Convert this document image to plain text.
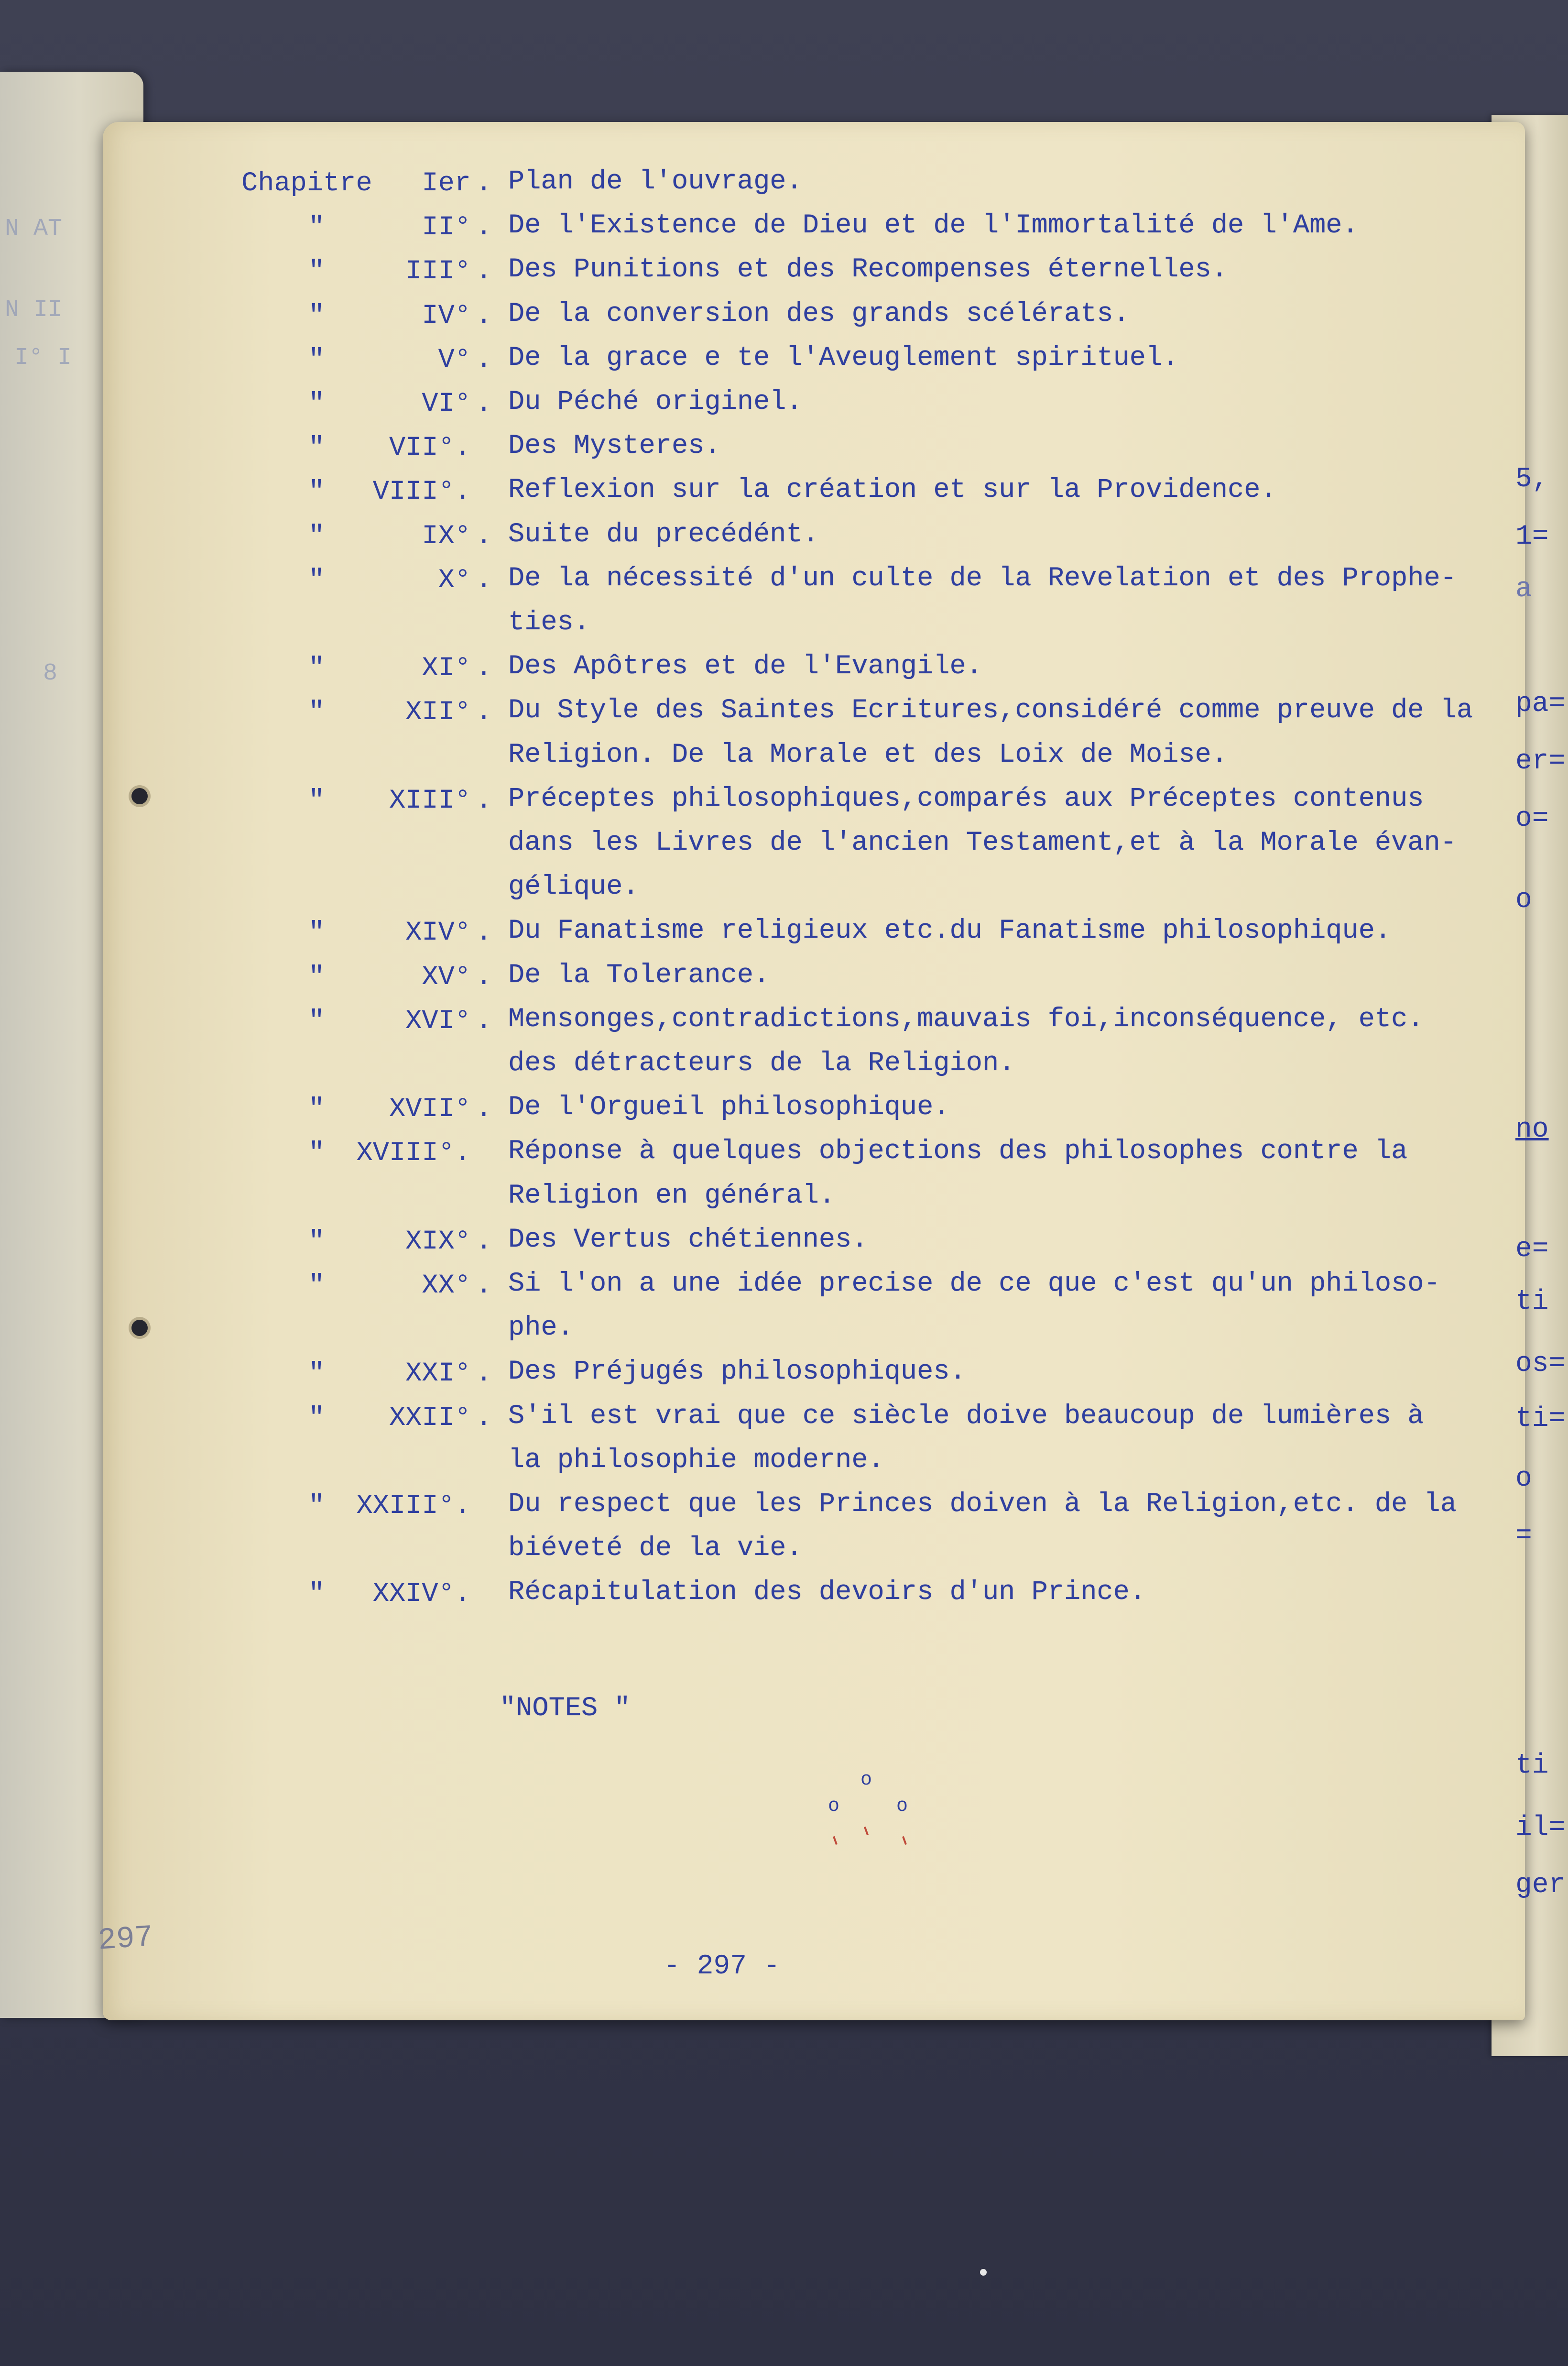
N AT
N II
I° I
8
5,
1=
a
pa=
er=
o=
o
no
e=
ti
os=
ti=
o
=
ti
il=
ger
Chapitre	Ier . Plan de l'ouvrage.
"	II° . De l'Existence de Dieu et de l'Immortalité de l'Ame.
"	III° . Des Punitions et des Recompenses éternelles.
"	IV° . De la conversion des grands scélérats.
"	V° . De la grace e te l'Aveuglement spirituel.
"	VI° . Du Péché originel.
"	VII°. Des Mysteres.
"	VIII°. Reflexion sur la création et sur la Providence.
"	IX° . Suite du precédént.
"	X° . De la nécessité d'un culte de la Revelation et des Prophe-
ties.
"	XI° . Des Apôtres et de l'Evangile.
"	XII° . Du Style des Saintes Ecritures,considéré comme preuve de la
Religion. De la Morale et des Loix de Moise.
"	XIII° . Préceptes philosophiques,comparés aux Préceptes contenus
dans les Livres de l'ancien Testament,et à la Morale évan-
gélique.
"	XIV° . Du Fanatisme religieux etc.du Fanatisme philosophique.
"	XV° . De la Tolerance.
"	XVI° . Mensonges,contradictions,mauvais foi,inconséquence, etc.
des détracteurs de la Religion.
"	XVII° . De l'Orgueil philosophique.
"	XVIII°. Réponse à quelques objections des philosophes contre la
Religion en général.
"	XIX° . Des Vertus chétiennes.
"	XX° . Si l'on a une idée precise de ce que c'est qu'un philoso-
phe.
"	XXI° . Des Préjugés philosophiques.
"	XXII° . S'il est vrai que ce siècle doive beaucoup de lumières à
la philosophie moderne.
"	XXIII°. Du respect que les Princes doiven à la Religion,etc. de la
biéveté de la vie.
"	XXIV°. Récapitulation des devoirs d'un Prince.
"NOTES "
o
o	o
- 297 -
297
